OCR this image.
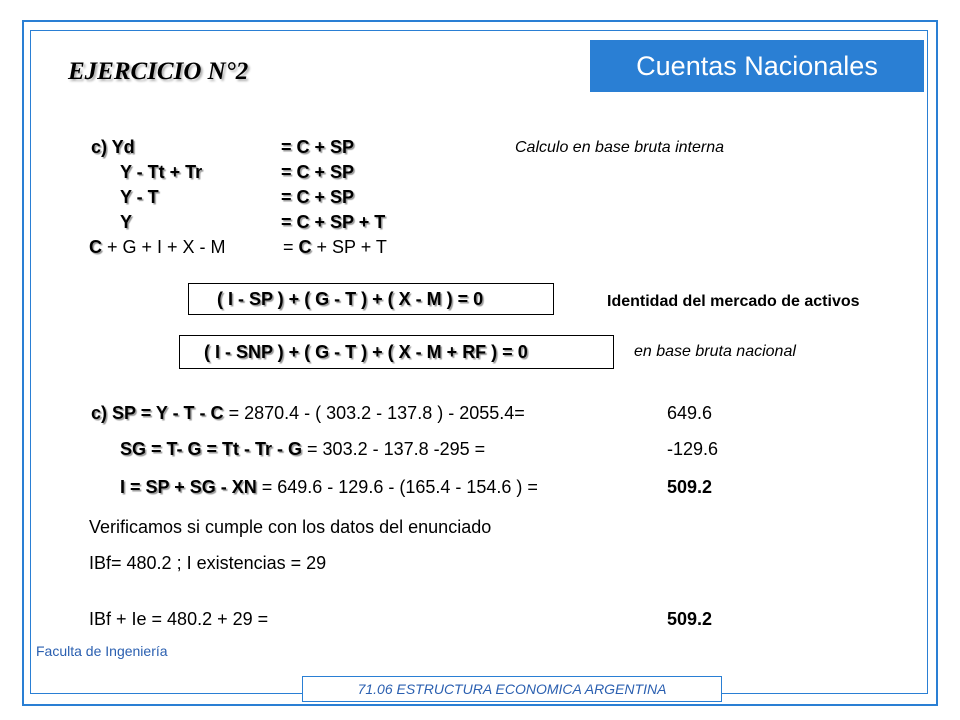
Cuentas Nacionales
EJERCICIO N°2
c) Yd	= C + SP
Y - Tt + Tr	= C + SP
Y - T	= C + SP
Y	= C + SP + T
C + G + I + X - M	= C + SP + T
Calculo en base bruta interna
( I - SP ) + ( G - T ) + ( X - M ) = 0	Identidad del mercado de activos
( I - SNP ) + ( G - T ) + ( X - M + RF ) = 0	en base bruta nacional
c) SP = Y - T - C = 2870.4 - ( 303.2 - 137.8 ) - 2055.4=	649.6
SG = T- G = Tt - Tr - G = 303.2 - 137.8 -295 =	-129.6
I = SP + SG - XN = 649.6 - 129.6 - (165.4 - 154.6 ) =	509.2
Verificamos si cumple con los datos del enunciado
IBf= 480.2 ; I existencias = 29
IBf + Ie = 480.2 + 29 =	509.2
Faculta de Ingeniería
71.06 ESTRUCTURA ECONOMICA ARGENTINA
